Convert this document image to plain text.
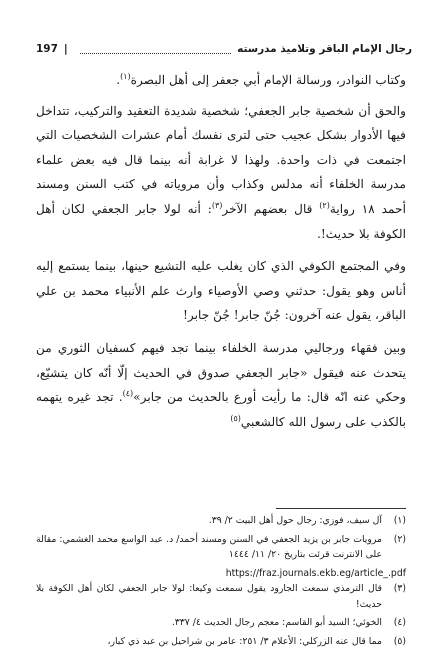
رجال الإمام الباقر وتلاميذ مدرسته
|
197

وكتاب النوادر، ورسالة الإمام أبي جعفر إلى أهل البصرة$^{(١)}$.

والحق أن شخصية جابر الجعفي؛ شخصية شديدة التعقيد والتركيب، تتداخل فيها الأدوار بشكل عجيب حتى لترى نفسك أمام عشرات الشخصيات التي اجتمعت في ذات واحدة. ولهذا لا غرابة أنه بينما قال فيه بعض علماء مدرسة الخلفاء أنه مدلس وكذاب وأن مروياته في كتب السنن ومسند أحمد ١٨ رواية$^{(٢)}$ قال بعضهم الآخر$^{(٣)}$: أنه لولا جابر الجعفي لكان أهل الكوفة بلا حديث!.

وفي المجتمع الكوفي الذي كان يغلب عليه التشيع حينها، بينما يستمع إليه أناس وهو يقول: حدثني وصي الأوصياء وارث علم الأنبياء محمد بن علي الباقر، يقول عنه آخرون: جُنّ جابر! جُنّ جابر!

وبين فقهاء ورجاليي مدرسة الخلفاء بينما تجد فيهم كسفيان الثوري من يتحدث عنه فيقول «جابر الجعفي صدوق في الحديث إلّا أنّه كان يتشيّع، وحكي عنه انّه قال: ما رأيت أورع بالحديث من جابر»$^{(٤)}$. تجد غيره يتهمه بالكذب على رسول الله كالشعبي$^{(٥)}$

(١)
آل سيف، فوزي: رجال حول أهل البيت ٢/ ٣٩.
(٢)
مرويات جابر بن يزيد الجعفي في السنن ومسند أحمد/ د. عبد الواسع محمد الغشمي: مقالة على الانترنت قرئت بتاريخ ٢٠/ ١١/ ١٤٤٤
https://fraz.journals.ekb.eg/article_.pdf
(٣)
قال الترمذي سمعت الجارود يقول سمعت وكيعا: لولا جابر الجعفي لكان أهل الكوفة بلا حديث!
(٤)
الخوئي؛ السيد أبو القاسم: معجم رجال الحديث ٤/ ٣٣٧.
(٥)
مما قال عنه الزركلي: الأعلام ٣/ ٢٥١: عامر بن شراحيل بن عبد ذي كبار،
